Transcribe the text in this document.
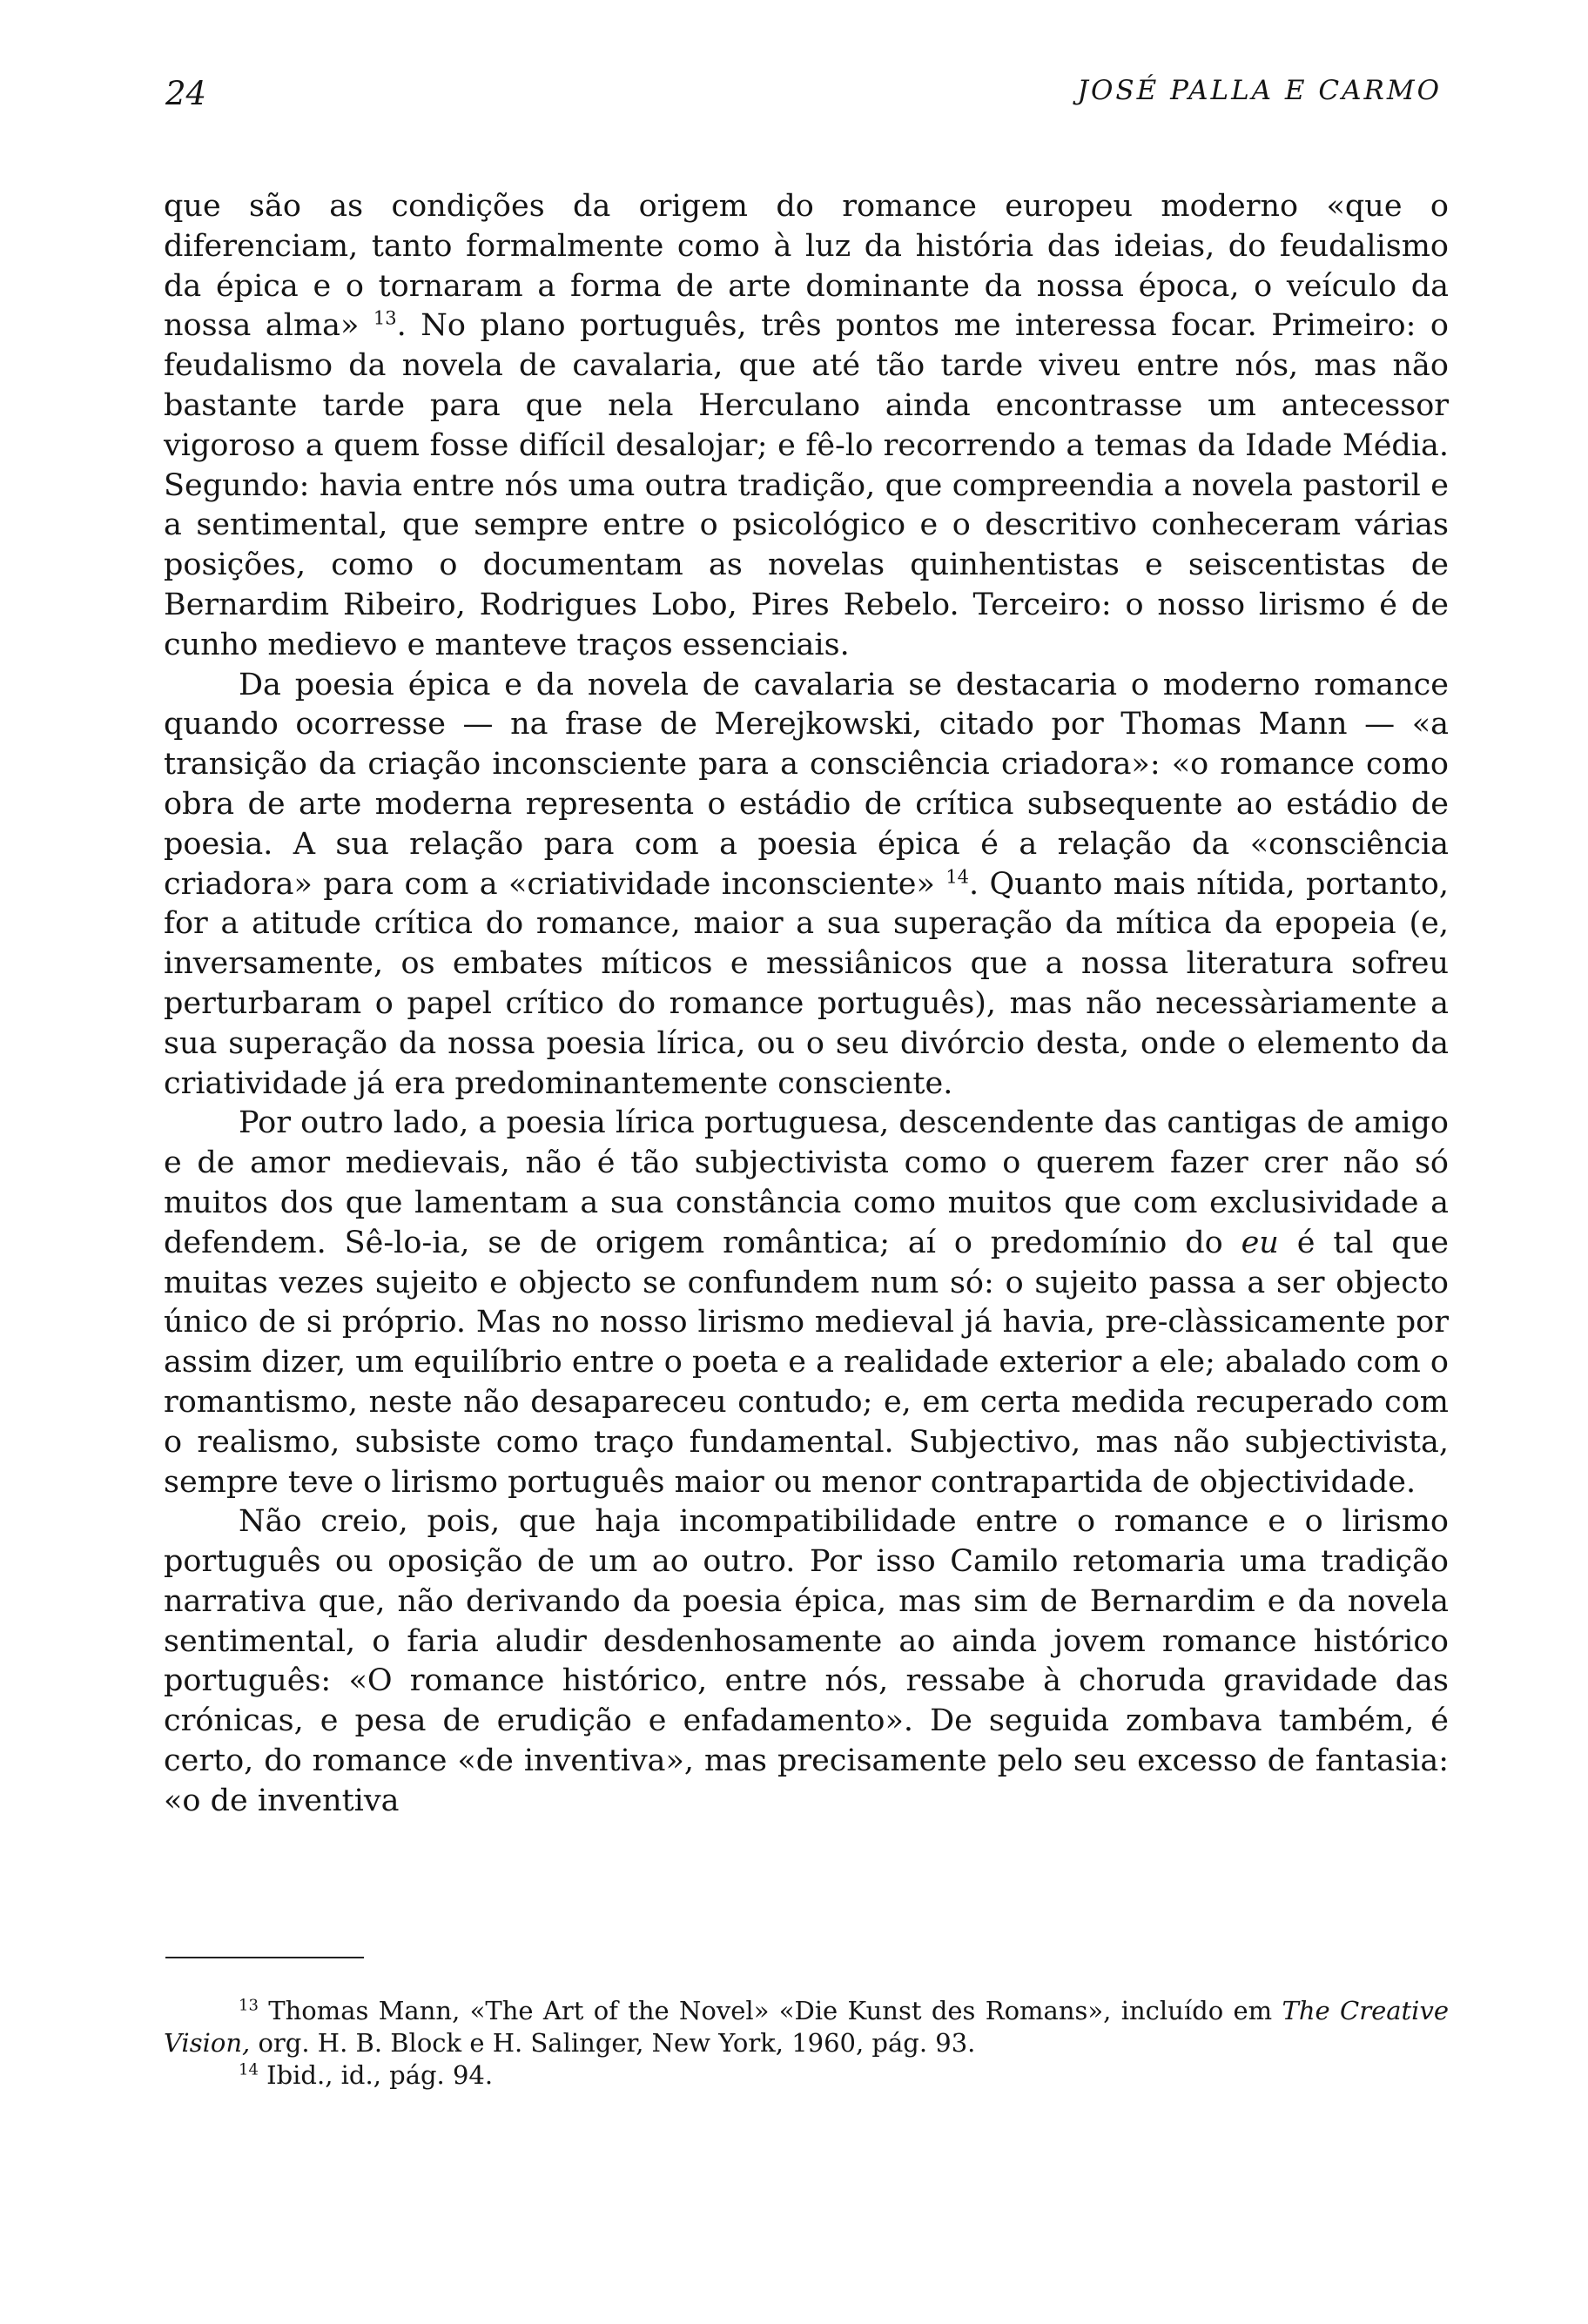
24	JOSÉ PALLA E CARMO

que são as condições da origem do romance europeu moderno «que o diferenciam, tanto formalmente como à luz da história das ideias, do feudalismo da épica e o tornaram a forma de arte dominante da nossa época, o veículo da nossa alma» $^{13}$. No plano português, três pontos me interessa focar. Primeiro: o feudalismo da novela de cavalaria, que até tão tarde viveu entre nós, mas não bastante tarde para que nela Herculano ainda encontrasse um antecessor vigoroso a quem fosse difícil desalojar; e fê-lo recorrendo a temas da Idade Média. Segundo: havia entre nós uma outra tradição, que compreendia a novela pastoril e a sentimental, que sempre entre o psicológico e o descritivo conheceram várias posições, como o documentam as novelas quinhentistas e seiscentistas de Bernardim Ribeiro, Rodrigues Lobo, Pires Rebelo. Terceiro: o nosso lirismo é de cunho medievo e manteve traços essenciais.

Da poesia épica e da novela de cavalaria se destacaria o moderno romance quando ocorresse — na frase de Merejkowski, citado por Thomas Mann — «a transição da criação inconsciente para a consciência criadora»: «o romance como obra de arte moderna representa o estádio de crítica subsequente ao estádio de poesia. A sua relação para com a poesia épica é a relação da «consciência criadora» para com a «criatividade inconsciente» $^{14}$. Quanto mais nítida, portanto, for a atitude crítica do romance, maior a sua superação da mítica da epopeia (e, inversamente, os embates míticos e messiânicos que a nossa literatura sofreu perturbaram o papel crítico do romance português), mas não necessàriamente a sua superação da nossa poesia lírica, ou o seu divórcio desta, onde o elemento da criatividade já era predominantemente consciente.

Por outro lado, a poesia lírica portuguesa, descendente das cantigas de amigo e de amor medievais, não é tão subjectivista como o querem fazer crer não só muitos dos que lamentam a sua constância como muitos que com exclusividade a defendem. Sê-lo-ia, se de origem romântica; aí o predomínio do eu é tal que muitas vezes sujeito e objecto se confundem num só: o sujeito passa a ser objecto único de si próprio. Mas no nosso lirismo medieval já havia, pre-clàssicamente por assim dizer, um equilíbrio entre o poeta e a realidade exterior a ele; abalado com o romantismo, neste não desapareceu contudo; e, em certa medida recuperado com o realismo, subsiste como traço fundamental. Subjectivo, mas não subjectivista, sempre teve o lirismo português maior ou menor contrapartida de objectividade.

Não creio, pois, que haja incompatibilidade entre o romance e o lirismo português ou oposição de um ao outro. Por isso Camilo retomaria uma tradição narrativa que, não derivando da poesia épica, mas sim de Bernardim e da novela sentimental, o faria aludir desdenhosamente ao ainda jovem romance histórico português: «O romance histórico, entre nós, ressabe à choruda gravidade das crónicas, e pesa de erudição e enfadamento». De seguida zombava também, é certo, do romance «de inventiva», mas precisamente pelo seu excesso de fantasia: «o de inventiva

$^{13}$ Thomas Mann, «The Art of the Novel» «Die Kunst des Romans», incluído em The Creative Vision, org. H. B. Block e H. Salinger, New York, 1960, pág. 93.
$^{14}$ Ibid., id., pág. 94.
